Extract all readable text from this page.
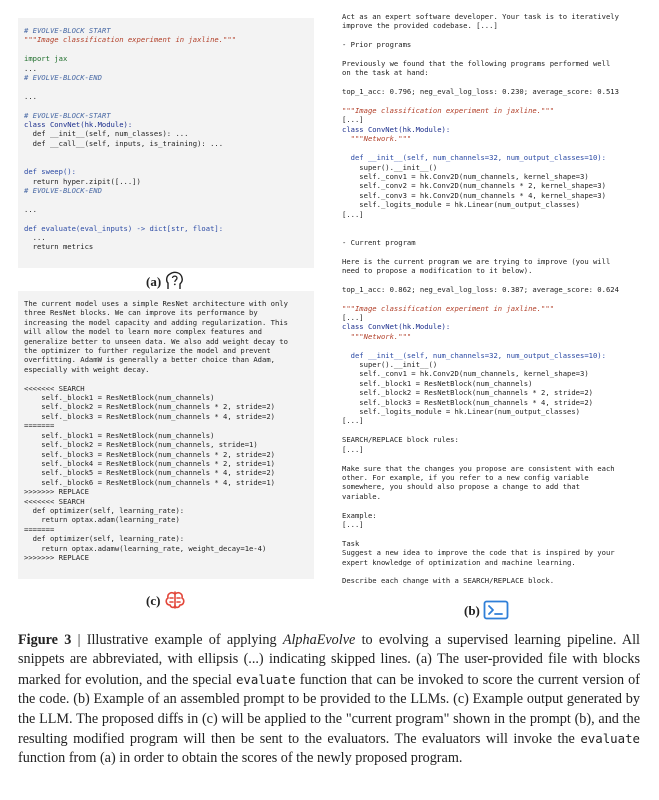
# EVOLVE-BLOCK START
"""Image classification experiment in jaxline."""

import jax
...
# EVOLVE-BLOCK-END

...

# EVOLVE-BLOCK-START
class ConvNet(hk.Module):
def __init__(self, num_classes): ...
def __call__(self, inputs, is_training): ...

def sweep():
return hyper.zipit([...])
# EVOLVE-BLOCK-END

...

def evaluate(eval_inputs) -> dict[str, float]:
...
return metrics

(a)
The current model uses a simple ResNet architecture with only
three ResNet blocks. We can improve its performance by
increasing the model capacity and adding regularization. This
will allow the model to learn more complex features and
generalize better to unseen data. We also add weight decay to
the optimizer to further regularize the model and prevent
overfitting. AdamW is generally a better choice than Adam,
especially with weight decay.

<<<<<<< SEARCH
self._block1 = ResNetBlock(num_channels)
self._block2 = ResNetBlock(num_channels * 2, stride=2)
self._block3 = ResNetBlock(num_channels * 4, stride=2)
=======
self._block1 = ResNetBlock(num_channels)
self._block2 = ResNetBlock(num_channels, stride=1)
self._block3 = ResNetBlock(num_channels * 2, stride=2)
self._block4 = ResNetBlock(num_channels * 2, stride=1)
self._block5 = ResNetBlock(num_channels * 4, stride=2)
self._block6 = ResNetBlock(num_channels * 4, stride=1)
>>>>>>> REPLACE
<<<<<<< SEARCH
def optimizer(self, learning_rate):
return optax.adam(learning_rate)
=======
def optimizer(self, learning_rate):
return optax.adamw(learning_rate, weight_decay=1e-4)
>>>>>>> REPLACE

(c)
Act as an expert software developer. Your task is to iteratively
improve the provided codebase. [...]

- Prior programs

Previously we found that the following programs performed well
on the task at hand:

top_1_acc: 0.796; neg_eval_log_loss: 0.230; average_score: 0.513

"""Image classification experiment in jaxline."""
[...]
class ConvNet(hk.Module):
"""Network."""

def __init__(self, num_channels=32, num_output_classes=10):
super().__init__()
self._conv1 = hk.Conv2D(num_channels, kernel_shape=3)
self._conv2 = hk.Conv2D(num_channels * 2, kernel_shape=3)
self._conv3 = hk.Conv2D(num_channels * 4, kernel_shape=3)
self._logits_module = hk.Linear(num_output_classes)
[...]

- Current program

Here is the current program we are trying to improve (you will
need to propose a modification to it below).

top_1_acc: 0.862; neg_eval_log_loss: 0.387; average_score: 0.624

"""Image classification experiment in jaxline."""
[...]
class ConvNet(hk.Module):
"""Network."""

def __init__(self, num_channels=32, num_output_classes=10):
super().__init__()
self._conv1 = hk.Conv2D(num_channels, kernel_shape=3)
self._block1 = ResNetBlock(num_channels)
self._block2 = ResNetBlock(num_channels * 2, stride=2)
self._block3 = ResNetBlock(num_channels * 4, stride=2)
self._logits_module = hk.Linear(num_output_classes)
[...]

SEARCH/REPLACE block rules:
[...]

Make sure that the changes you propose are consistent with each
other. For example, if you refer to a new config variable
somewhere, you should also propose a change to add that
variable.

Example:
[...]

Task
Suggest a new idea to improve the code that is inspired by your
expert knowledge of optimization and machine learning.

Describe each change with a SEARCH/REPLACE block.

(b)
Figure 3 | Illustrative example of applying AlphaEvolve to evolving a supervised learning pipeline. All snippets are abbreviated, with ellipsis (...) indicating skipped lines. (a) The user-provided file with blocks marked for evolution, and the special evaluate function that can be invoked to score the current version of the code. (b) Example of an assembled prompt to be provided to the LLMs. (c) Example output generated by the LLM. The proposed diffs in (c) will be applied to the "current program" shown in the prompt (b), and the resulting modified program will then be sent to the evaluators. The evaluators will invoke the evaluate function from (a) in order to obtain the scores of the newly proposed program.
